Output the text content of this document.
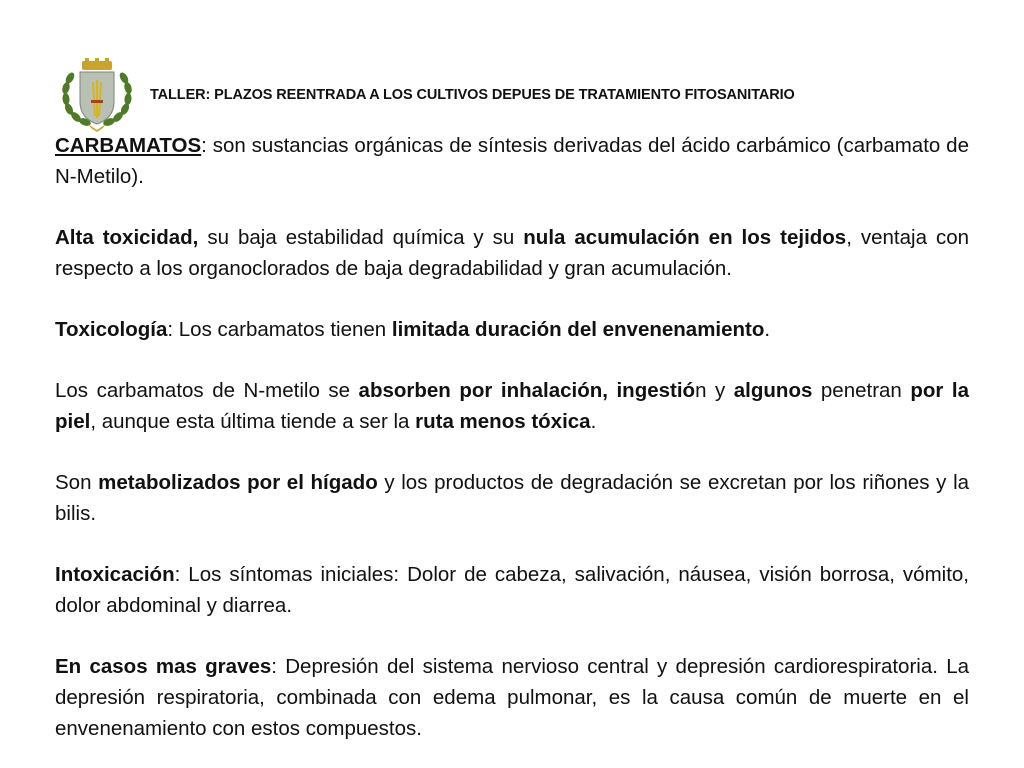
TALLER: PLAZOS REENTRADA A LOS CULTIVOS DEPUES DE TRATAMIENTO FITOSANITARIO

CARBAMATOS: son sustancias orgánicas de síntesis derivadas del ácido carbámico (carbamato de N-Metilo).

Alta toxicidad, su baja estabilidad química y su nula acumulación en los tejidos, ventaja con respecto a los organoclorados de baja degradabilidad y gran acumulación.

Toxicología: Los carbamatos tienen limitada duración del envenenamiento.

Los carbamatos de N-metilo se absorben por inhalación, ingestión y algunos penetran por la piel, aunque esta última tiende a ser la ruta menos tóxica.

Son metabolizados por el hígado y los productos de degradación se excretan por los riñones y la bilis.

Intoxicación: Los síntomas iniciales: Dolor de cabeza, salivación, náusea, visión borrosa, vómito, dolor abdominal y diarrea.

En casos mas graves: Depresión del sistema nervioso central y depresión cardiorespiratoria. La depresión respiratoria, combinada con edema pulmonar, es la causa común de muerte en el envenenamiento con estos compuestos.
